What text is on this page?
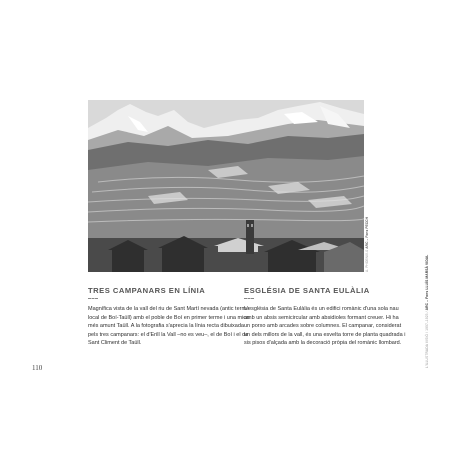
A. PHOENIX-0 ARC – Fons PECCH
L'ILLUSTRADA VISIÓ / 1907–1923 / ARC – Fons LLUÍS MARSÀ VIDAL
110
TRES CAMPANARS EN LÍNIA

Magnífica vista de la vall del riu de Sant Martí nevada (antic terme local de Boí-Taüll) amb el poble de Boí en primer terme i una mica més amunt Taüll. A la fotografia s'aprecia la línia recta dibuixada pels tres campanars: el d'Erill la Vall –no es veu–, el de Boí i el de Sant Climent de Taüll.

ESGLÉSIA DE SANTA EULÀLIA

L'església de Santa Eulàlia és un edifici romànic d'una sola nau amb un absis semicircular amb absidioles formant creuer. Hi ha un porxo amb arcades sobre columnes. El campanar, considerat un dels millors de la vall, és una esvelta torre de planta quadrada i sis pisos d'alçada amb la decoració pròpia del romànic llombard.
